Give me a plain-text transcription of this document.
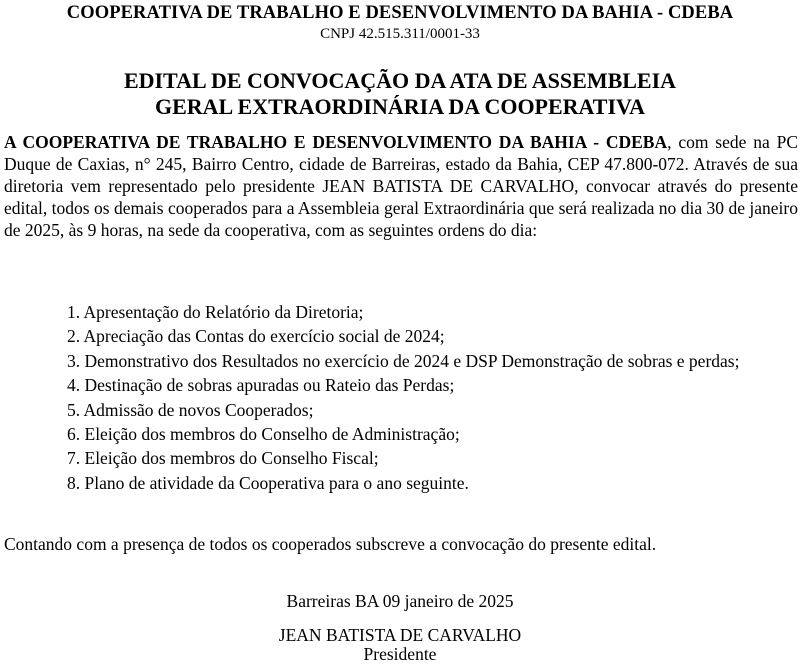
COOPERATIVA DE TRABALHO E DESENVOLVIMENTO DA BAHIA - CDEBA
CNPJ 42.515.311/0001-33
EDITAL DE CONVOCAÇÃO DA ATA DE ASSEMBLEIA
GERAL EXTRAORDINÁRIA DA COOPERATIVA
A COOPERATIVA DE TRABALHO E DESENVOLVIMENTO DA BAHIA - CDEBA, com sede na PC Duque de Caxias, n° 245, Bairro Centro, cidade de Barreiras, estado da Bahia, CEP 47.800-072. Através de sua diretoria vem representado pelo presidente JEAN BATISTA DE CARVALHO, convocar através do presente edital, todos os demais cooperados para a Assembleia geral Extraordinária que será realizada no dia 30 de janeiro de 2025, às 9 horas, na sede da cooperativa, com as seguintes ordens do dia:
1. Apresentação do Relatório da Diretoria;
2. Apreciação das Contas do exercício social de 2024;
3. Demonstrativo dos Resultados no exercício de 2024 e DSP Demonstração de sobras e perdas;
4. Destinação de sobras apuradas ou Rateio das Perdas;
5. Admissão de novos Cooperados;
6. Eleição dos membros do Conselho de Administração;
7. Eleição dos membros do Conselho Fiscal;
8. Plano de atividade da Cooperativa para o ano seguinte.
Contando com a presença de todos os cooperados subscreve a convocação do presente edital.
Barreiras BA 09 janeiro de 2025
JEAN BATISTA DE CARVALHO
Presidente
